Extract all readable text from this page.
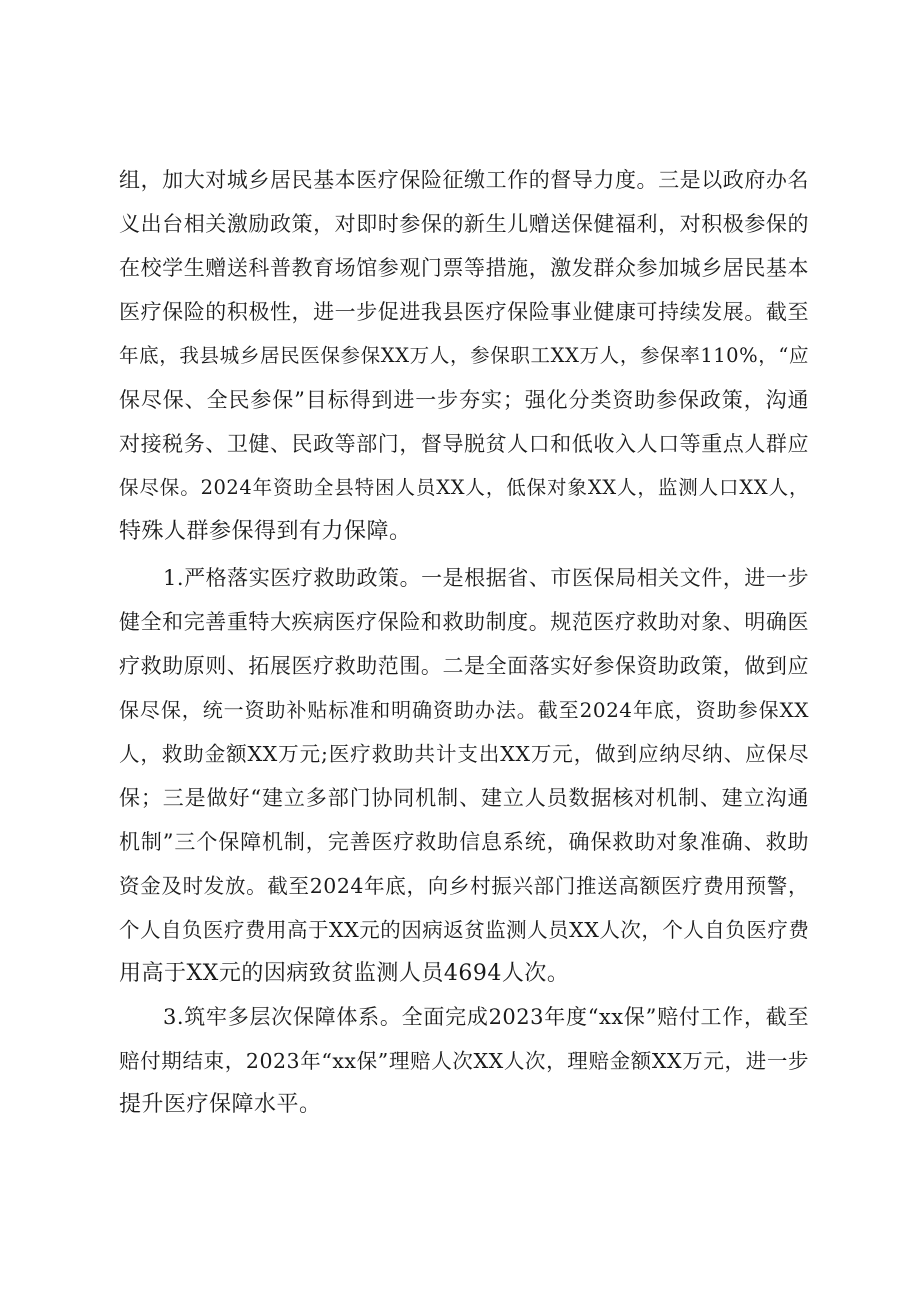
组，加大对城乡居民基本医疗保险征缴工作的督导力度。三是以政府办名
义出台相关激励政策，对即时参保的新生儿赠送保健福利，对积极参保的
在校学生赠送科普教育场馆参观门票等措施，激发群众参加城乡居民基本
医疗保险的积极性，进一步促进我县医疗保险事业健康可持续发展。截至
年底，我县城乡居民医保参保XX万人，参保职工XX万人，参保率110%，“应
保尽保、全民参保”目标得到进一步夯实；强化分类资助参保政策，沟通
对接税务、卫健、民政等部门，督导脱贫人口和低收入人口等重点人群应
保尽保。2024年资助全县特困人员XX人，低保对象XX人，监测人口XX人，
特殊人群参保得到有力保障。
1.严格落实医疗救助政策。一是根据省、市医保局相关文件，进一步
健全和完善重特大疾病医疗保险和救助制度。规范医疗救助对象、明确医
疗救助原则、拓展医疗救助范围。二是全面落实好参保资助政策，做到应
保尽保，统一资助补贴标准和明确资助办法。截至2024年底，资助参保XX
人，救助金额XX万元;医疗救助共计支出XX万元，做到应纳尽纳、应保尽
保；三是做好“建立多部门协同机制、建立人员数据核对机制、建立沟通
机制”三个保障机制，完善医疗救助信息系统，确保救助对象准确、救助
资金及时发放。截至2024年底，向乡村振兴部门推送高额医疗费用预警，
个人自负医疗费用高于XX元的因病返贫监测人员XX人次，个人自负医疗费
用高于XX元的因病致贫监测人员4694人次。
3.筑牢多层次保障体系。全面完成2023年度“xx保”赔付工作，截至
赔付期结束，2023年“xx保”理赔人次XX人次，理赔金额XX万元，进一步
提升医疗保障水平。
